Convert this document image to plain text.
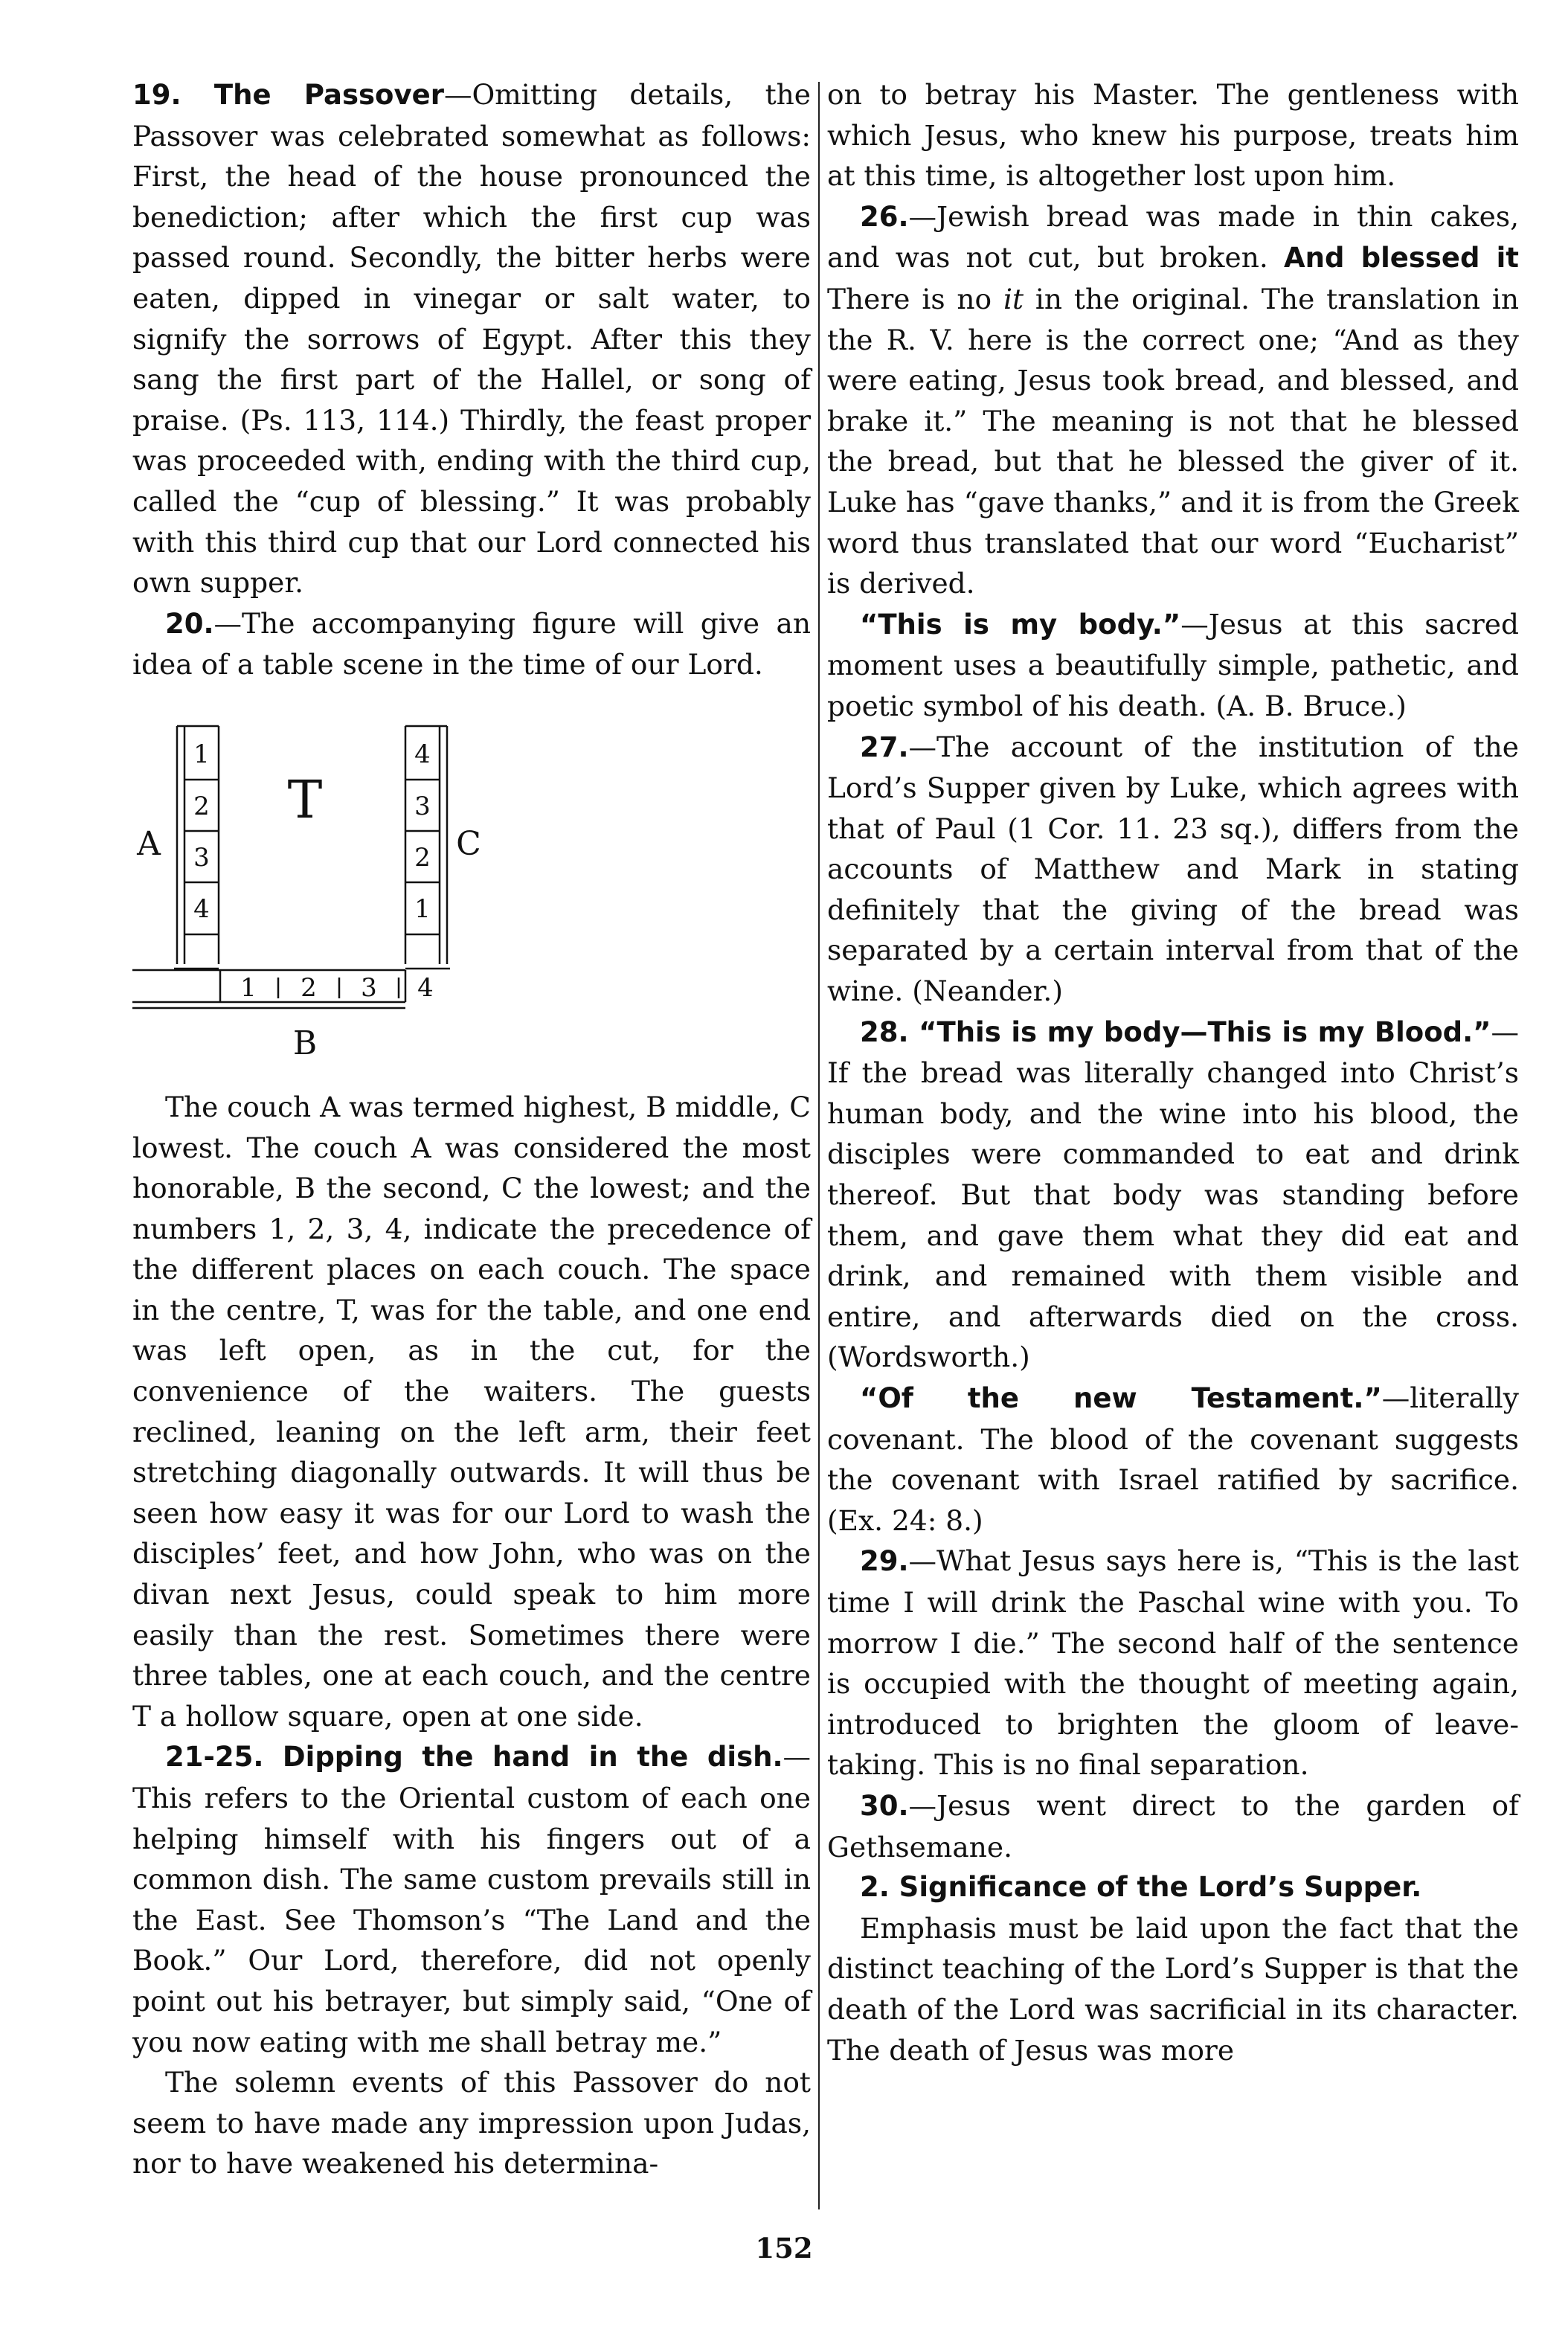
19. The Passover—Omitting details, the Passover was celebrated somewhat as follows: First, the head of the house pronounced the benediction; after which the first cup was passed round. Secondly, the bitter herbs were eaten, dipped in vinegar or salt water, to signify the sorrows of Egypt. After this they sang the first part of the Hallel, or song of praise. (Ps. 113, 114.) Thirdly, the feast proper was proceeded with, ending with the third cup, called the “cup of blessing.” It was probably with this third cup that our Lord connected his own supper.

20.—The accompanying figure will give an idea of a table scene in the time of our Lord.

A	C
T
B
1
2
3
4
4
3
2
1
1 2 3 4

The couch A was termed highest, B middle, C lowest. The couch A was considered the most honorable, B the second, C the lowest; and the numbers 1, 2, 3, 4, indicate the precedence of the different places on each couch. The space in the centre, T, was for the table, and one end was left open, as in the cut, for the convenience of the waiters. The guests reclined, leaning on the left arm, their feet stretching diagonally outwards. It will thus be seen how easy it was for our Lord to wash the disciples’ feet, and how John, who was on the divan next Jesus, could speak to him more easily than the rest. Sometimes there were three tables, one at each couch, and the centre T a hollow square, open at one side.

21-25. Dipping the hand in the dish.—This refers to the Oriental custom of each one helping himself with his fingers out of a common dish. The same custom prevails still in the East. See Thomson’s “The Land and the Book.” Our Lord, therefore, did not openly point out his betrayer, but simply said, “One of you now eating with me shall betray me.”

The solemn events of this Passover do not seem to have made any impression upon Judas, nor to have weakened his determina-

on to betray his Master. The gentleness with which Jesus, who knew his purpose, treats him at this time, is altogether lost upon him.

26.—Jewish bread was made in thin cakes, and was not cut, but broken. And blessed it There is no it in the original. The translation in the R. V. here is the correct one; “And as they were eating, Jesus took bread, and blessed, and brake it.” The meaning is not that he blessed the bread, but that he blessed the giver of it. Luke has “gave thanks,” and it is from the Greek word thus translated that our word “Eucharist” is derived.

“This is my body.”—Jesus at this sacred moment uses a beautifully simple, pathetic, and poetic symbol of his death. (A. B. Bruce.)

27.—The account of the institution of the Lord’s Supper given by Luke, which agrees with that of Paul (1 Cor. 11. 23 sq.), differs from the accounts of Matthew and Mark in stating definitely that the giving of the bread was separated by a certain interval from that of the wine. (Neander.)

28. “This is my body—This is my Blood.”—If the bread was literally changed into Christ’s human body, and the wine into his blood, the disciples were commanded to eat and drink thereof. But that body was standing before them, and gave them what they did eat and drink, and remained with them visible and entire, and afterwards died on the cross. (Wordsworth.)

“Of the new Testament.”—literally covenant. The blood of the covenant suggests the covenant with Israel ratified by sacrifice. (Ex. 24: 8.)

29.—What Jesus says here is, “This is the last time I will drink the Paschal wine with you. To morrow I die.” The second half of the sentence is occupied with the thought of meeting again, introduced to brighten the gloom of leave-taking. This is no final separation.

30.—Jesus went direct to the garden of Gethsemane.

2. Significance of the Lord’s Supper.

Emphasis must be laid upon the fact that the distinct teaching of the Lord’s Supper is that the death of the Lord was sacrificial in its character. The death of Jesus was more

152
